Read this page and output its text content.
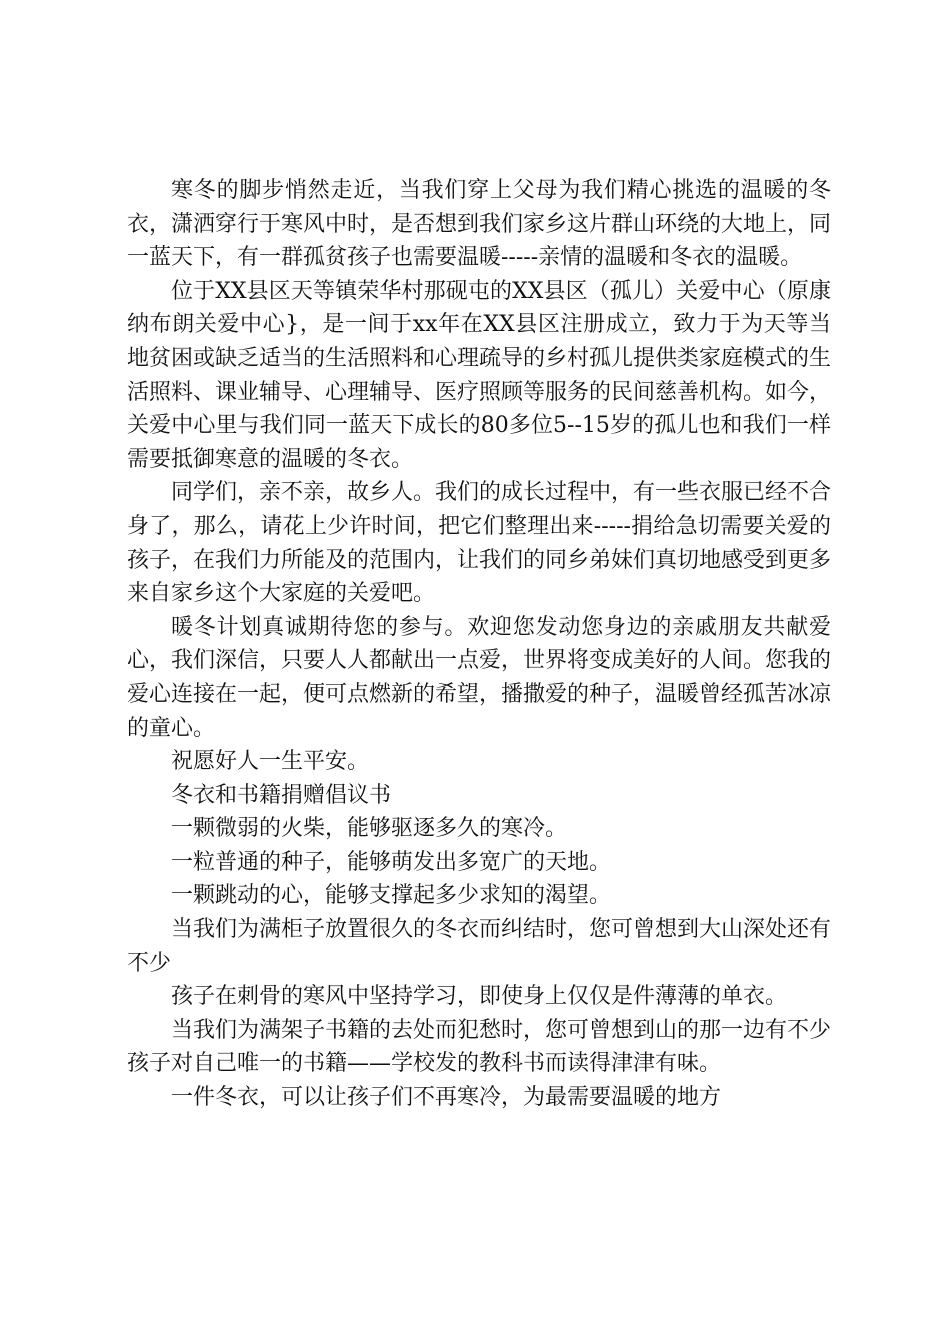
寒冬的脚步悄然走近，当我们穿上父母为我们精心挑选的温暖的冬衣，潇洒穿行于寒风中时，是否想到我们家乡这片群山环绕的大地上，同一蓝天下，有一群孤贫孩子也需要温暖-----亲情的温暖和冬衣的温暖。

位于XX县区天等镇荣华村那砚屯的XX县区（孤儿）关爱中心（原康纳布朗关爱中心}，是一间于xx年在XX县区注册成立，致力于为天等当地贫困或缺乏适当的生活照料和心理疏导的乡村孤儿提供类家庭模式的生活照料、课业辅导、心理辅导、医疗照顾等服务的民间慈善机构。如今，关爱中心里与我们同一蓝天下成长的80多位5--15岁的孤儿也和我们一样需要抵御寒意的温暖的冬衣。

同学们，亲不亲，故乡人。我们的成长过程中，有一些衣服已经不合身了，那么，请花上少许时间，把它们整理出来-----捐给急切需要关爱的孩子，在我们力所能及的范围内，让我们的同乡弟妹们真切地感受到更多来自家乡这个大家庭的关爱吧。

暖冬计划真诚期待您的参与。欢迎您发动您身边的亲戚朋友共献爱心，我们深信，只要人人都献出一点爱，世界将变成美好的人间。您我的爱心连接在一起，便可点燃新的希望，播撒爱的种子，温暖曾经孤苦冰凉的童心。

祝愿好人一生平安。

冬衣和书籍捐赠倡议书

一颗微弱的火柴，能够驱逐多久的寒冷。

一粒普通的种子，能够萌发出多宽广的天地。

一颗跳动的心，能够支撑起多少求知的渴望。

当我们为满柜子放置很久的冬衣而纠结时，您可曾想到大山深处还有不少

孩子在刺骨的寒风中坚持学习，即使身上仅仅是件薄薄的单衣。

当我们为满架子书籍的去处而犯愁时，您可曾想到山的那一边有不少孩子对自己唯一的书籍——学校发的教科书而读得津津有味。

一件冬衣，可以让孩子们不再寒冷，为最需要温暖的地方
